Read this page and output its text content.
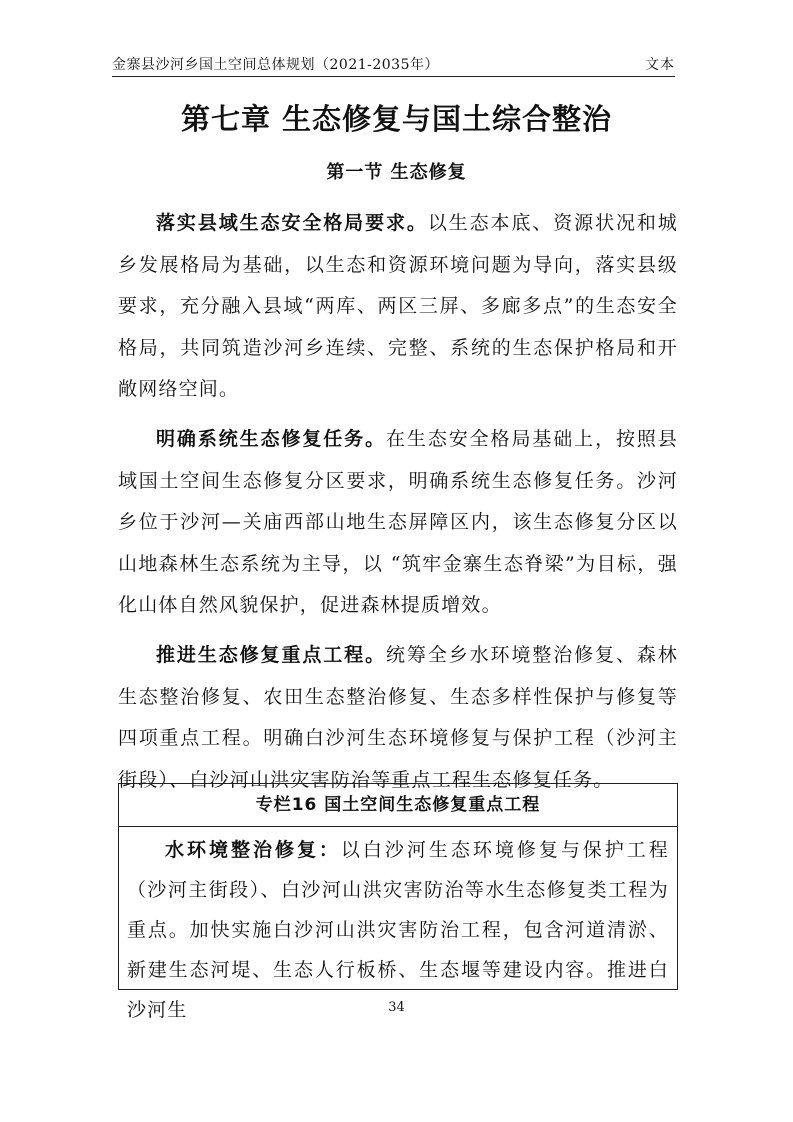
金寨县沙河乡国土空间总体规划（2021-2035年）	文本
第七章 生态修复与国土综合整治
第一节 生态修复

落实县域生态安全格局要求。以生态本底、资源状况和城乡发展格局为基础，以生态和资源环境问题为导向，落实县级要求，充分融入县域“两库、两区三屏、多廊多点”的生态安全格局，共同筑造沙河乡连续、完整、系统的生态保护格局和开敞网络空间。

明确系统生态修复任务。在生态安全格局基础上，按照县域国土空间生态修复分区要求，明确系统生态修复任务。沙河乡位于沙河—关庙西部山地生态屏障区内，该生态修复分区以山地森林生态系统为主导，以 “筑牢金寨生态脊梁”为目标，强化山体自然风貌保护，促进森林提质增效。

推进生态修复重点工程。统筹全乡水环境整治修复、森林生态整治修复、农田生态整治修复、生态多样性保护与修复等四项重点工程。明确白沙河生态环境修复与保护工程（沙河主街段）、白沙河山洪灾害防治等重点工程生态修复任务。

专栏16 国土空间生态修复重点工程

水环境整治修复：以白沙河生态环境修复与保护工程（沙河主街段）、白沙河山洪灾害防治等水生态修复类工程为重点。加快实施白沙河山洪灾害防治工程，包含河道清淤、新建生态河堤、生态人行板桥、生态堰等建设内容。推进白沙河生	34
